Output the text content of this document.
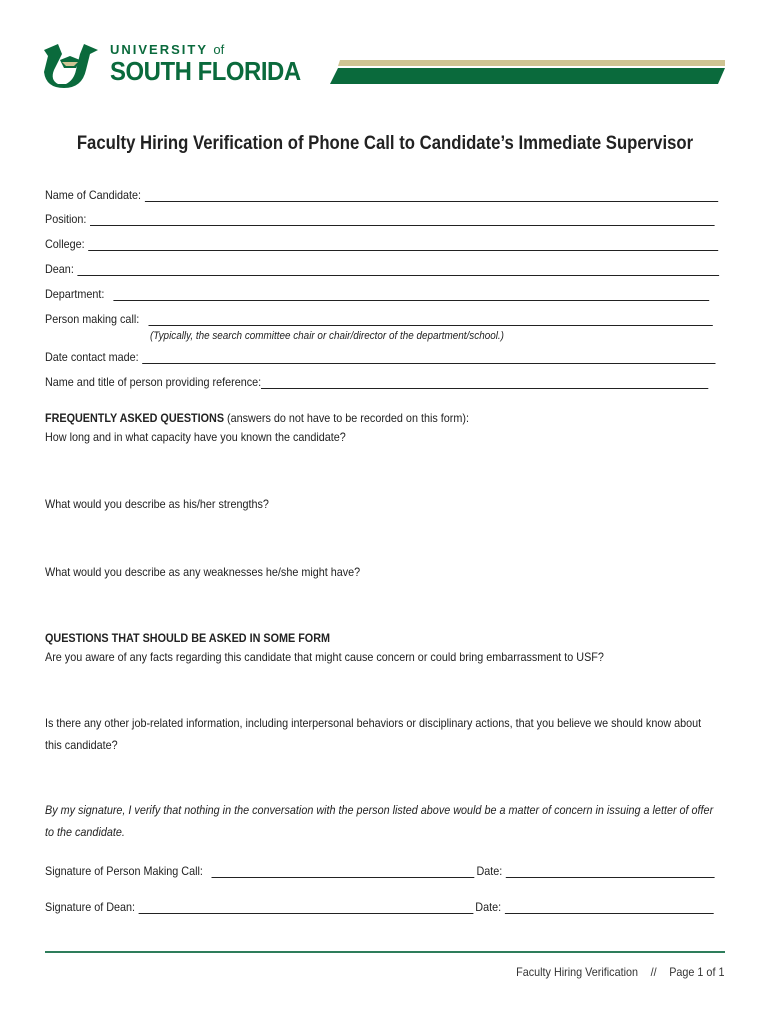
UNIVERSITY of
SOUTH FLORIDA
Faculty Hiring Verification of Phone Call to Candidate’s Immediate Supervisor
Name of Candidate:
Position:
College:
Dean:
Department:
Person making call:
(Typically, the search committee chair or chair/director of the department/school.)
Date contact made:
Name and title of person providing reference:
FREQUENTLY ASKED QUESTIONS (answers do not have to be recorded on this form):
How long and in what capacity have you known the candidate?
What would you describe as his/her strengths?
What would you describe as any weaknesses he/she might have?
QUESTIONS THAT SHOULD BE ASKED IN SOME FORM
Are you aware of any facts regarding this candidate that might cause concern or could bring embarrassment to USF?
Is there any other job-related information, including interpersonal behaviors or disciplinary actions, that you believe we should know about this candidate?
By my signature, I verify that nothing in the conversation with the person listed above would be a matter of concern in issuing a letter of offer to the candidate.
Signature of Person Making Call:	Date:
Signature of Dean:	Date:
Faculty Hiring Verification // Page 1 of 1
